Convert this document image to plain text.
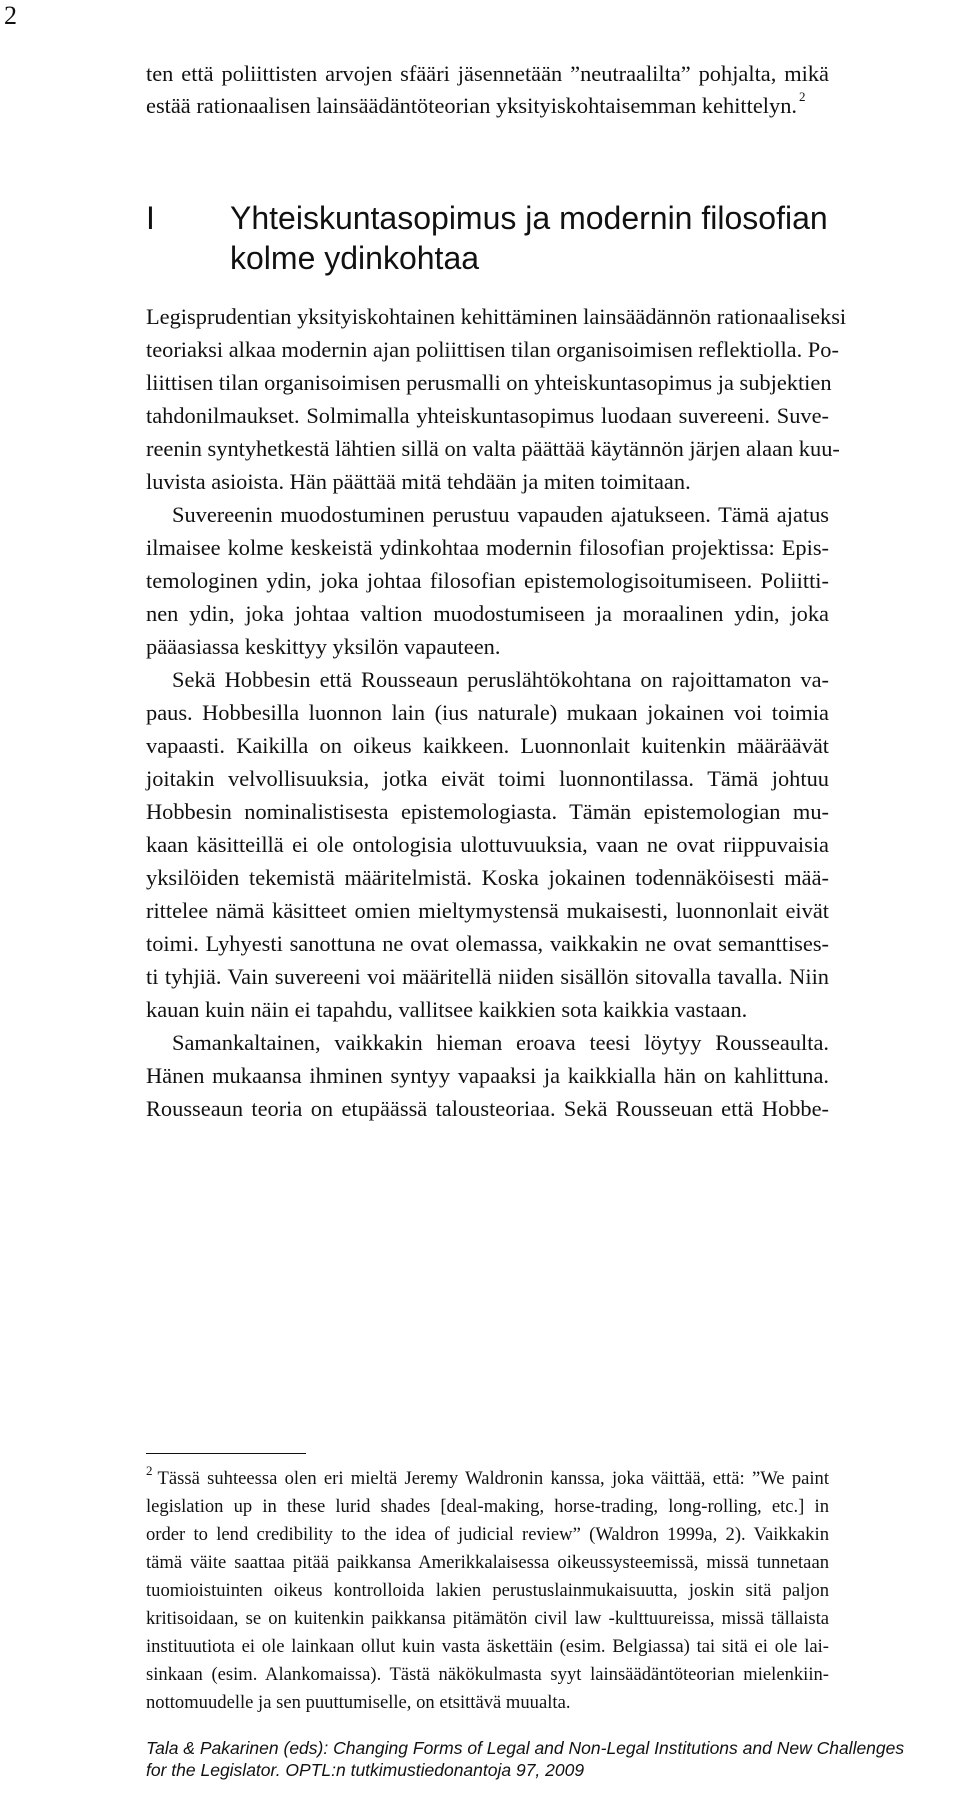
2

ten että poliittisten arvojen sfääri jäsennetään ”neutraalilta” pohjalta, mikä

estää rationaalisen lainsäädäntöteorian yksityiskohtaisemman kehittelyn. $^2$

I Yhteiskuntasopimus ja modernin filosofian kolme ydinkohtaa

Legisprudentian yksityiskohtainen kehittäminen lainsäädännön rationaaliseksi

teoriaksi alkaa modernin ajan poliittisen tilan organisoimisen reflektiolla. Po-

liittisen tilan organisoimisen perusmalli on yhteiskuntasopimus ja subjektien

tahdonilmaukset. Solmimalla yhteiskuntasopimus luodaan suvereeni. Suve-

reenin syntyhetkestä lähtien sillä on valta päättää käytännön järjen alaan kuu-

luvista asioista. Hän päättää mitä tehdään ja miten toimitaan.

Suvereenin muodostuminen perustuu vapauden ajatukseen. Tämä ajatus

ilmaisee kolme keskeistä ydinkohtaa modernin filosofian projektissa: Epis-

temologinen ydin, joka johtaa filosofian epistemologisoitumiseen. Poliitti-

nen ydin, joka johtaa valtion muodostumiseen ja moraalinen ydin, joka

pääasiassa keskittyy yksilön vapauteen.

Sekä Hobbesin että Rousseaun peruslähtökohtana on rajoittamaton va-

paus. Hobbesilla luonnon lain (ius naturale) mukaan jokainen voi toimia

vapaasti. Kaikilla on oikeus kaikkeen. Luonnonlait kuitenkin määräävät

joitakin velvollisuuksia, jotka eivät toimi luonnontilassa. Tämä johtuu

Hobbesin nominalistisesta epistemologiasta. Tämän epistemologian mu-

kaan käsitteillä ei ole ontologisia ulottuvuuksia, vaan ne ovat riippuvaisia

yksilöiden tekemistä määritelmistä. Koska jokainen todennäköisesti mää-

rittelee nämä käsitteet omien mieltymystensä mukaisesti, luonnonlait eivät

toimi. Lyhyesti sanottuna ne ovat olemassa, vaikkakin ne ovat semanttises-

ti tyhjiä. Vain suvereeni voi määritellä niiden sisällön sitovalla tavalla. Niin

kauan kuin näin ei tapahdu, vallitsee kaikkien sota kaikkia vastaan.

Samankaltainen, vaikkakin hieman eroava teesi löytyy Rousseaulta.

Hänen mukaansa ihminen syntyy vapaaksi ja kaikkialla hän on kahlittuna.

Rousseaun teoria on etupäässä talousteoriaa. Sekä Rousseuan että Hobbe-

$^2$ Tässä suhteessa olen eri mieltä Jeremy Waldronin kanssa, joka väittää, että: ”We paint

legislation up in these lurid shades [deal-making, horse-trading, long-rolling, etc.] in

order to lend credibility to the idea of judicial review” (Waldron 1999a, 2). Vaikkakin

tämä väite saattaa pitää paikkansa Amerikkalaisessa oikeussysteemissä, missä tunnetaan

tuomioistuinten oikeus kontrolloida lakien perustuslainmukaisuutta, joskin sitä paljon

kritisoidaan, se on kuitenkin paikkansa pitämätön civil law -kulttuureissa, missä tällaista

instituutiota ei ole lainkaan ollut kuin vasta äskettäin (esim. Belgiassa) tai sitä ei ole lai-

sinkaan (esim. Alankomaissa). Tästä näkökulmasta syyt lainsäädäntöteorian mielenkiin-

nottomuudelle ja sen puuttumiselle, on etsittävä muualta.

Tala & Pakarinen (eds): Changing Forms of Legal and Non-Legal Institutions and New Challenges
for the Legislator. OPTL:n tutkimustiedonantoja 97, 2009
